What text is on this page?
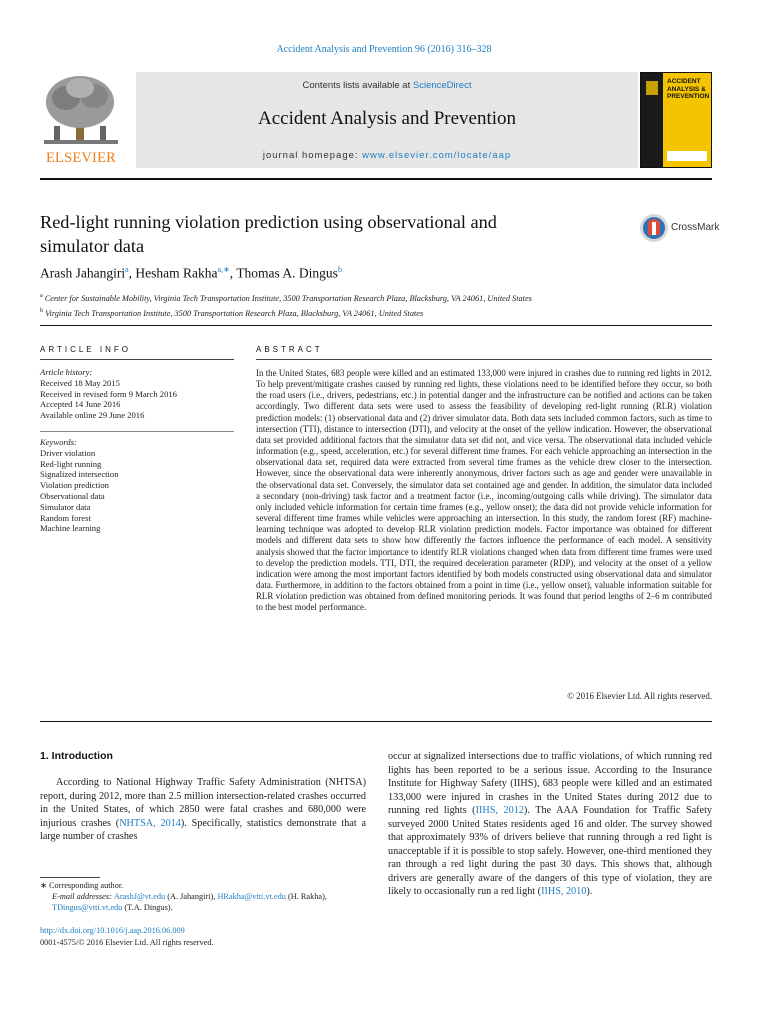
Accident Analysis and Prevention 96 (2016) 316–328
ELSEVIER
Contents lists available at ScienceDirect
Accident Analysis and Prevention
journal homepage: www.elsevier.com/locate/aap
ACCIDENT ANALYSIS & PREVENTION
Red-light running violation prediction using observational and
simulator data
CrossMark
Arash Jahangiri$^a$, Hesham Rakha$^{a,∗}$, Thomas A. Dingus$^b$
$^a$ Center for Sustainable Mobility, Virginia Tech Transportation Institute, 3500 Transportation Research Plaza, Blacksburg, VA 24061, United States
$^b$ Virginia Tech Transportation Institute, 3500 Transportation Research Plaza, Blacksburg, VA 24061, United States
ARTICLE INFO	ABSTRACT
Article history:
Received 18 May 2015
Received in revised form 9 March 2016
Accepted 14 June 2016
Available online 29 June 2016
Keywords:
Driver violation
Red-light running
Signalized intersection
Violation prediction
Observational data
Simulator data
Random forest
Machine learning
In the United States, 683 people were killed and an estimated 133,000 were injured in crashes due to running red lights in 2012. To help prevent/mitigate crashes caused by running red lights, these violations need to be identified before they occur, so both the road users (i.e., drivers, pedestrians, etc.) in potential danger and the infrastructure can be notified and actions can be taken accordingly. Two different data sets were used to assess the feasibility of developing red-light running (RLR) violation prediction models: (1) observational data and (2) driver simulator data. Both data sets included common factors, such as time to intersection (TTI), distance to intersection (DTI), and velocity at the onset of the yellow indication. However, the observational data set provided additional factors that the simulator data set did not, and vice versa. The observational data included vehicle information (e.g., speed, acceleration, etc.) for several different time frames. For each vehicle approaching an intersection in the observational data set, required data were extracted from several time frames as the vehicle drew closer to the intersection. However, since the observational data were inherently anonymous, driver factors such as age and gender were unavailable in the observational data set. Conversely, the simulator data set contained age and gender. In addition, the simulator data included a secondary (non-driving) task factor and a treatment factor (i.e., incoming/outgoing calls while driving). The simulator data only included vehicle information for certain time frames (e.g., yellow onset); the data did not provide vehicle information for several different time frames while vehicles were approaching an intersection. In this study, the random forest (RF) machine-learning technique was adopted to develop RLR violation prediction models. Factor importance was obtained for different models and different data sets to show how differently the factors influence the performance of each model. A sensitivity analysis showed that the factor importance to identify RLR violations changed when data from different time frames were used to develop the prediction models. TTI, DTI, the required deceleration parameter (RDP), and velocity at the onset of a yellow indication were among the most important factors identified by both models constructed using observational data and simulator data. Furthermore, in addition to the factors obtained from a point in time (i.e., yellow onset), valuable information suitable for RLR violation prediction was obtained from defined monitoring periods. It was found that period lengths of 2–6 m contributed to the best model performance.
© 2016 Elsevier Ltd. All rights reserved.
1. Introduction
According to National Highway Traffic Safety Administration (NHTSA) report, during 2012, more than 2.5 million intersection-related crashes occurred in the United States, of which 2850 were fatal crashes and 680,000 were injurious crashes (NHTSA, 2014). Specifically, statistics demonstrate that a large number of crashes
occur at signalized intersections due to traffic violations, of which running red lights has been reported to be a serious issue. According to the Insurance Institute for Highway Safety (IIHS), 683 people were killed and an estimated 133,000 were injured in crashes in the United States during 2012 due to running red lights (IIHS, 2012). The AAA Foundation for Traffic Safety surveyed 2000 United States residents aged 16 and older. The survey showed that approximately 93% of drivers believe that running through a red light is unacceptable if it is possible to stop safely. However, one-third mentioned they ran through a red light during the past 30 days. This shows that, although drivers are generally aware of the dangers of this type of violation, they are likely to occasionally run a red light (IIHS, 2010).
∗ Corresponding author.
E-mail addresses: ArashJ@vt.edu (A. Jahangiri), HRakha@vtti.vt.edu (H. Rakha),
TDingus@vtti.vt.edu (T.A. Dingus).
http://dx.doi.org/10.1016/j.aap.2016.06.009
0001-4575/© 2016 Elsevier Ltd. All rights reserved.
